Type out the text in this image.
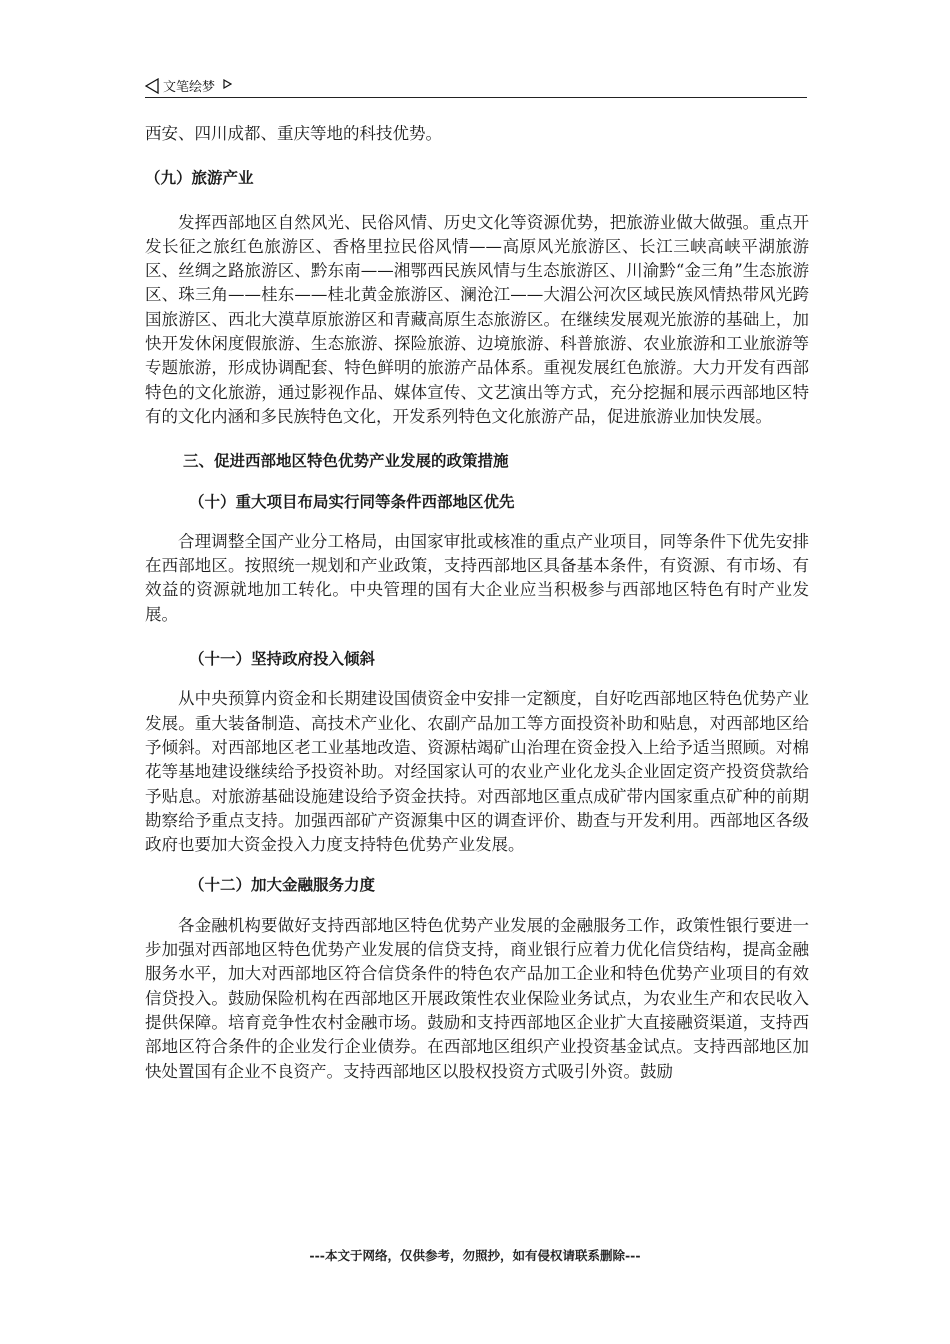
文笔绘梦

西安、四川成都、重庆等地的科技优势。

（九）旅游产业

发挥西部地区自然风光、民俗风情、历史文化等资源优势，把旅游业做大做强。重点开发长征之旅红色旅游区、香格里拉民俗风情——高原风光旅游区、长江三峡高峡平湖旅游区、丝绸之路旅游区、黔东南——湘鄂西民族风情与生态旅游区、川渝黔“金三角”生态旅游区、珠三角——桂东——桂北黄金旅游区、澜沧江——大湄公河次区域民族风情热带风光跨国旅游区、西北大漠草原旅游区和青藏高原生态旅游区。在继续发展观光旅游的基础上，加快开发休闲度假旅游、生态旅游、探险旅游、边境旅游、科普旅游、农业旅游和工业旅游等专题旅游，形成协调配套、特色鲜明的旅游产品体系。重视发展红色旅游。大力开发有西部特色的文化旅游，通过影视作品、媒体宣传、文艺演出等方式，充分挖掘和展示西部地区特有的文化内涵和多民族特色文化，开发系列特色文化旅游产品，促进旅游业加快发展。

三、促进西部地区特色优势产业发展的政策措施

（十）重大项目布局实行同等条件西部地区优先

合理调整全国产业分工格局，由国家审批或核准的重点产业项目，同等条件下优先安排在西部地区。按照统一规划和产业政策，支持西部地区具备基本条件，有资源、有市场、有效益的资源就地加工转化。中央管理的国有大企业应当积极参与西部地区特色有时产业发展。

（十一）坚持政府投入倾斜

从中央预算内资金和长期建设国债资金中安排一定额度，自好吃西部地区特色优势产业发展。重大装备制造、高技术产业化、农副产品加工等方面投资补助和贴息，对西部地区给予倾斜。对西部地区老工业基地改造、资源枯竭矿山治理在资金投入上给予适当照顾。对棉花等基地建设继续给予投资补助。对经国家认可的农业产业化龙头企业固定资产投资贷款给予贴息。对旅游基础设施建设给予资金扶持。对西部地区重点成矿带内国家重点矿种的前期勘察给予重点支持。加强西部矿产资源集中区的调查评价、勘查与开发利用。西部地区各级政府也要加大资金投入力度支持特色优势产业发展。

（十二）加大金融服务力度

各金融机构要做好支持西部地区特色优势产业发展的金融服务工作，政策性银行要进一步加强对西部地区特色优势产业发展的信贷支持，商业银行应着力优化信贷结构，提高金融服务水平，加大对西部地区符合信贷条件的特色农产品加工企业和特色优势产业项目的有效信贷投入。鼓励保险机构在西部地区开展政策性农业保险业务试点，为农业生产和农民收入提供保障。培育竞争性农村金融市场。鼓励和支持西部地区企业扩大直接融资渠道，支持西部地区符合条件的企业发行企业债券。在西部地区组织产业投资基金试点。支持西部地区加快处置国有企业不良资产。支持西部地区以股权投资方式吸引外资。鼓励

---本文于网络，仅供参考，勿照抄，如有侵权请联系删除---
